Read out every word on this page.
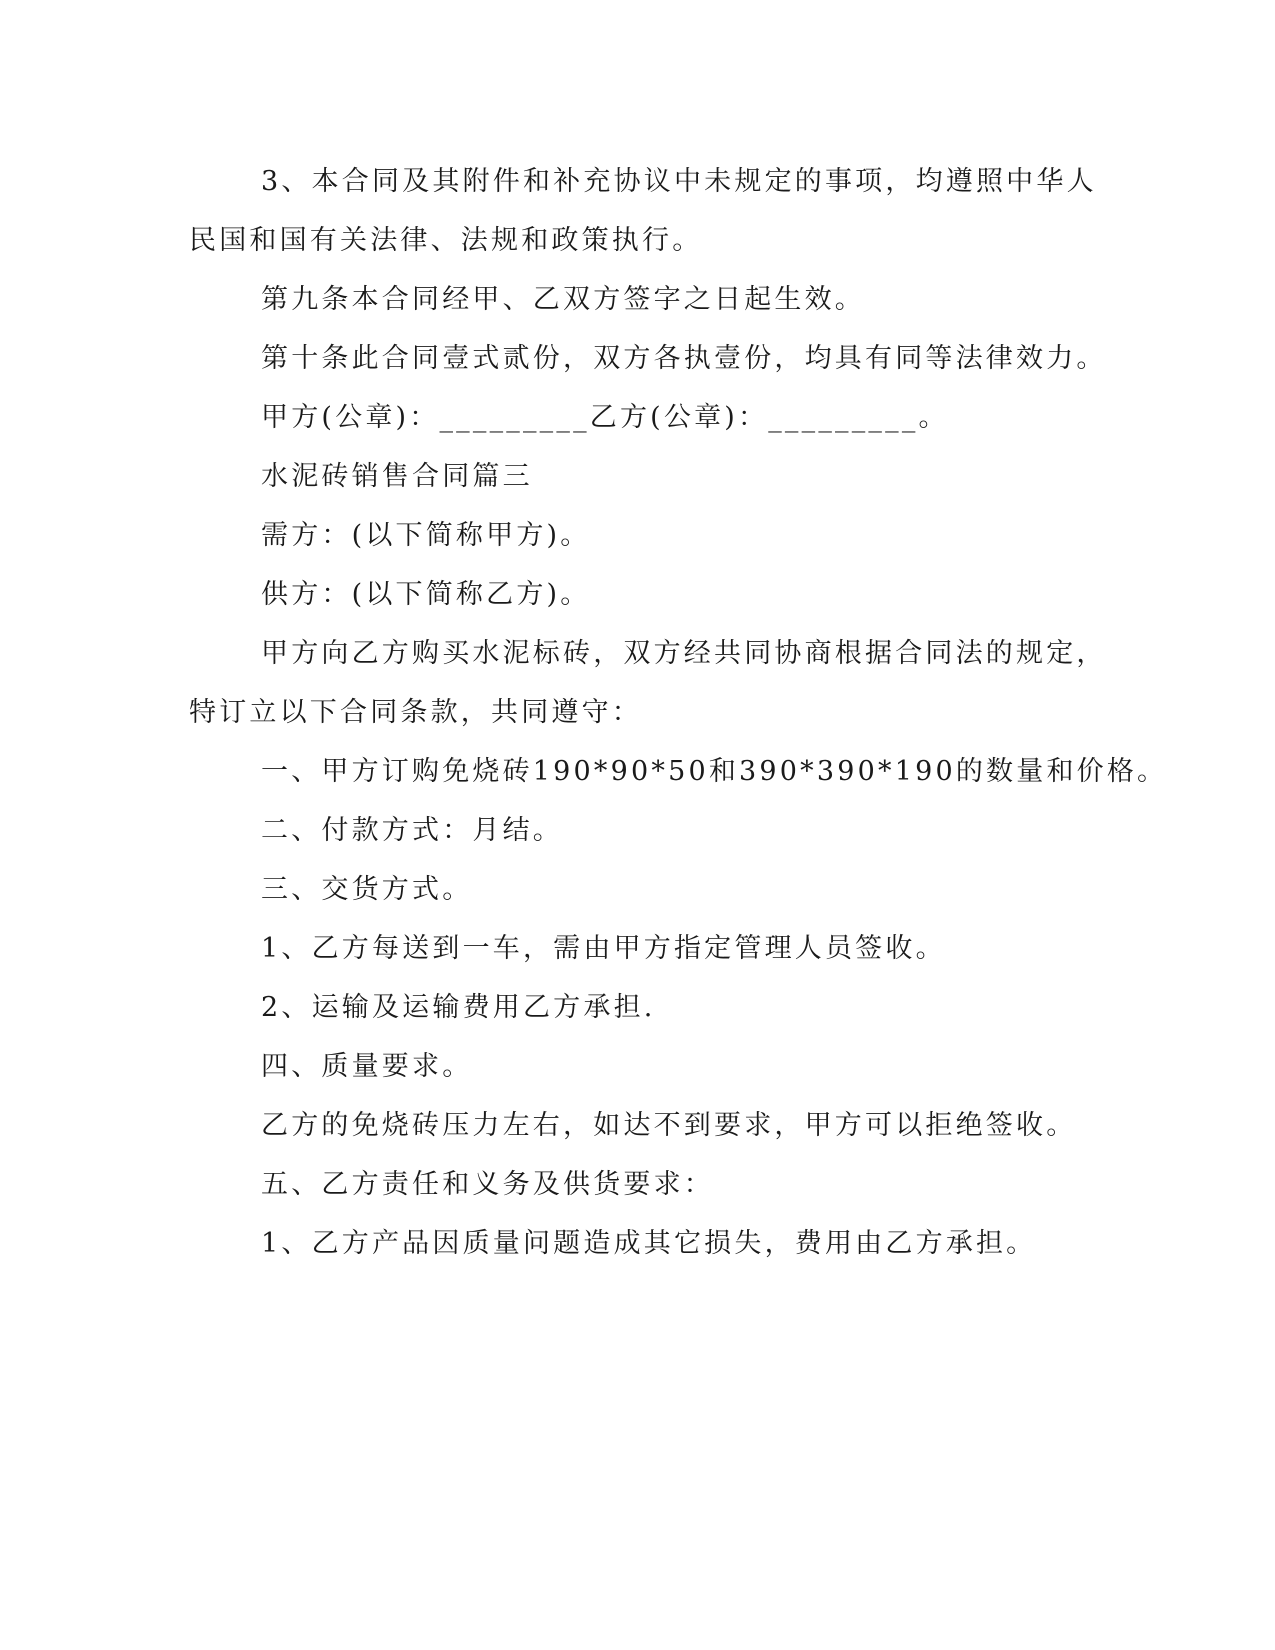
3、本合同及其附件和补充协议中未规定的事项，均遵照中华人
民国和国有关法律、法规和政策执行。
第九条本合同经甲、乙双方签字之日起生效。
第十条此合同壹式贰份，双方各执壹份，均具有同等法律效力。
甲方(公章)：_________乙方(公章)：_________。
水泥砖销售合同篇三
需方：(以下简称甲方)。
供方：(以下简称乙方)。
甲方向乙方购买水泥标砖，双方经共同协商根据合同法的规定，
特订立以下合同条款，共同遵守：
一、甲方订购免烧砖190*90*50和390*390*190的数量和价格。
二、付款方式：月结。
三、交货方式。
1、乙方每送到一车，需由甲方指定管理人员签收。
2、运输及运输费用乙方承担.
四、质量要求。
乙方的免烧砖压力左右，如达不到要求，甲方可以拒绝签收。
五、乙方责任和义务及供货要求：
1、乙方产品因质量问题造成其它损失，费用由乙方承担。
